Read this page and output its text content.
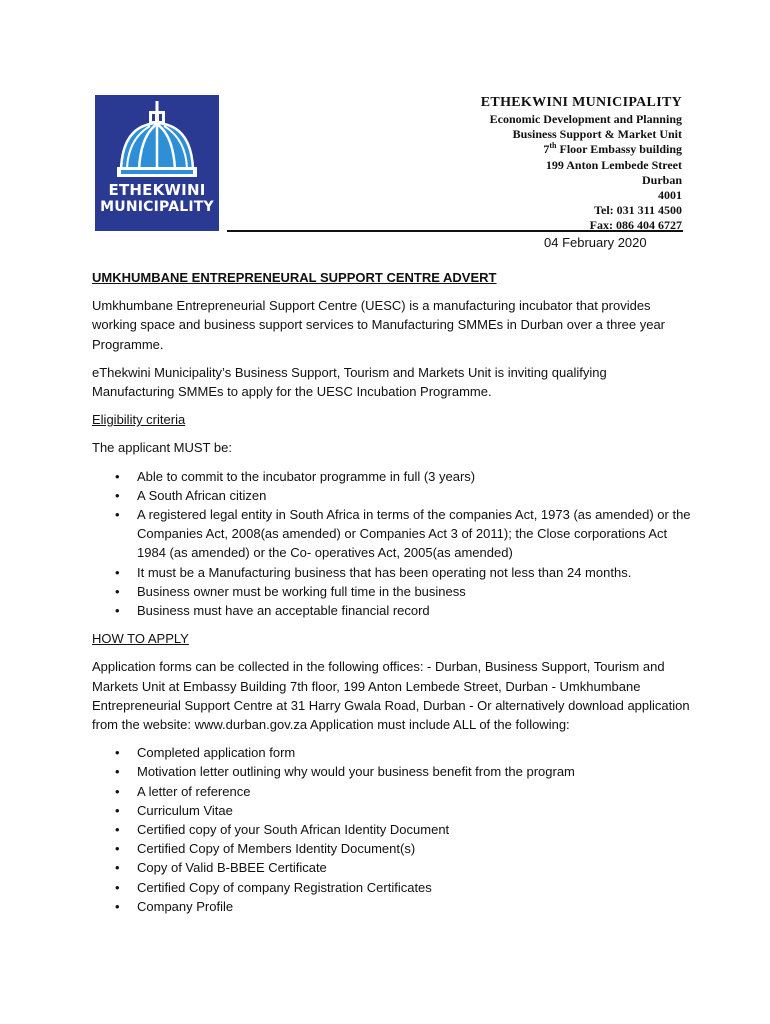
ETHEKWINI
MUNICIPALITY
ETHEKWINI MUNICIPALITY
Economic Development and Planning
Business Support & Market Unit
7th Floor Embassy building
199 Anton Lembede Street
Durban
4001
Tel: 031 311 4500
Fax: 086 404 6727
04 February 2020

UMKHUMBANE ENTREPRENEURAL SUPPORT CENTRE ADVERT

Umkhumbane Entrepreneurial Support Centre (UESC) is a manufacturing incubator that provides working space and business support services to Manufacturing SMMEs in Durban over a three year Programme.

eThekwini Municipality’s Business Support, Tourism and Markets Unit is inviting qualifying Manufacturing SMMEs to apply for the UESC Incubation Programme.

Eligibility criteria

The applicant MUST be:

• Able to commit to the incubator programme in full (3 years)
• A South African citizen
• A registered legal entity in South Africa in terms of the companies Act, 1973 (as amended) or the Companies Act, 2008(as amended) or Companies Act 3 of 2011); the Close corporations Act 1984 (as amended) or the Co- operatives Act, 2005(as amended)
• It must be a Manufacturing business that has been operating not less than 24 months.
• Business owner must be working full time in the business
• Business must have an acceptable financial record

HOW TO APPLY

Application forms can be collected in the following offices: - Durban, Business Support, Tourism and Markets Unit at Embassy Building 7th floor, 199 Anton Lembede Street, Durban - Umkhumbane Entrepreneurial Support Centre at 31 Harry Gwala Road, Durban - Or alternatively download application from the website: www.durban.gov.za Application must include ALL of the following:

• Completed application form
• Motivation letter outlining why would your business benefit from the program
• A letter of reference
• Curriculum Vitae
• Certified copy of your South African Identity Document
• Certified Copy of Members Identity Document(s)
• Copy of Valid B-BBEE Certificate
• Certified Copy of company Registration Certificates
• Company Profile
